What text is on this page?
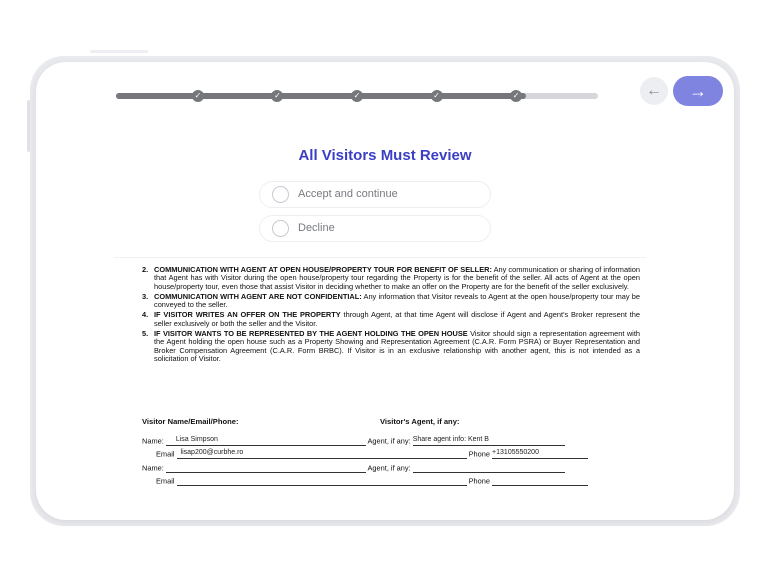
✓	✓	✓	✓	✓	← →
All Visitors Must Review
Accept and continue
Decline
2. COMMUNICATION WITH AGENT AT OPEN HOUSE/PROPERTY TOUR FOR BENEFIT OF SELLER: Any communication or sharing of information that Agent has with Visitor during the open house/property tour regarding the Property is for the benefit of the seller. All acts of Agent at the open house/property tour, even those that assist Visitor in deciding whether to make an offer on the Property are for the benefit of the seller exclusively.
3. COMMUNICATION WITH AGENT ARE NOT CONFIDENTIAL: Any information that Visitor reveals to Agent at the open house/property tour may be conveyed to the seller.
4. IF VISITOR WRITES AN OFFER ON THE PROPERTY through Agent, at that time Agent will disclose if Agent and Agent's Broker represent the seller exclusively or both the seller and the Visitor.
5. IF VISITOR WANTS TO BE REPRESENTED BY THE AGENT HOLDING THE OPEN HOUSE Visitor should sign a representation agreement with the Agent holding the open house such as a Property Showing and Representation Agreement (C.A.R. Form PSRA) or Buyer Representation and Broker Compensation Agreement (C.A.R. Form BRBC). If Visitor is in an exclusive relationship with another agent, this is not intended as a solicitation of Visitor.
Visitor Name/Email/Phone:	Visitor's Agent, if any:
Name: Lisa Simpson	Agent, if any: Share agent info: Kent B
Email lisap200@curbhe.ro	Phone +13105550200
Name:	Agent, if any:
Email	Phone
